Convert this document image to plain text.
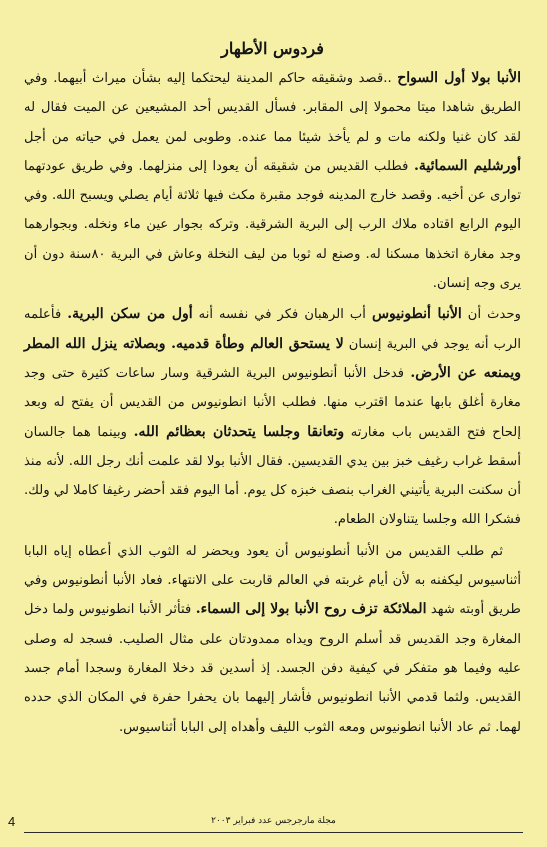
فردوس الأطهار

الأنبا بولا أول السواح ..قصد وشقيقه حاكم المدينة ليحتكما إليه بشأن ميراث أبيهما. وفي الطريق شاهدا ميتا محمولا إلى المقابر. فسأل القديس أحد المشيعين عن الميت فقال له لقد كان غنيا ولكنه مات و لم يأخذ شيئا مما عنده. وطوبى لمن يعمل في حياته من أجل أورشليم السمائية. فطلب القديس من شقيقه أن يعودا إلى منزلهما. وفي طريق عودتهما توارى عن أخيه. وقصد خارج المدينه فوجد مقبرة مكث فيها ثلاثة أيام يصلي ويسبح الله. وفي اليوم الرابع اقتاده ملاك الرب إلى البرية الشرقية. وتركه بجوار عين ماء ونخله. وبجوارهما وجد مغارة اتخذها مسكنا له. وصنع له ثوبا من ليف النخلة وعاش في البرية ٨٠سنة دون أن يرى وجه إنسان.

وحدث أن الأنبا أنطونيوس أب الرهبان فكر في نفسه أنه أول من سكن البرية. فأعلمه الرب أنه يوجد في البرية إنسان لا يستحق العالم وطأة قدميه. وبصلاته ينزل الله المطر ويمنعه عن الأرض. فدخل الأنبا أنطونيوس البرية الشرقية وسار ساعات كثيرة حتى وجد مغارة أغلق بابها عندما اقترب منها. فطلب الأنبا انطونيوس من القديس أن يفتح له وبعد إلحاح فتح القديس باب مغارته وتعانقا وجلسا يتحدثان بعظائم الله. وبينما هما جالسان أسقط غراب رغيف خبز بين يدي القديسين. فقال الأنبا بولا لقد علمت أنك رجل الله. لأنه منذ أن سكنت البرية يأتيني الغراب بنصف خبزه كل يوم. أما اليوم فقد أحضر رغيفا كاملا لي ولك. فشكرا الله وجلسا يتناولان الطعام.

ثم طلب القديس من الأنبا أنطونيوس أن يعود ويحضر له الثوب الذي أعطاه إياه البابا أثناسيوس ليكفنه به لأن أيام غربته في العالم قاربت على الانتهاء. فعاد الأنبا أنطونيوس وفي طريق أوبته شهد الملائكة تزف روح الأنبا بولا إلى السماء. فتأثر الأنبا انطونيوس ولما دخل المغارة وجد القديس قد أسلم الروح ويداه ممدودتان على مثال الصليب. فسجد له وصلى عليه وفيما هو متفكر في كيفية دفن الجسد. إذ أسدين قد دخلا المغارة وسجدا أمام جسد القديس. ولثما قدمي الأنبا انطونيوس فأشار إليهما بان يحفرا حفرة في المكان الذي حدده لهما. ثم عاد الأنبا انطونيوس ومعه الثوب الليف وأهداه إلى البابا أثناسيوس.

4	مجلة مارجرجس عدد فبراير ٢٠٠٣
